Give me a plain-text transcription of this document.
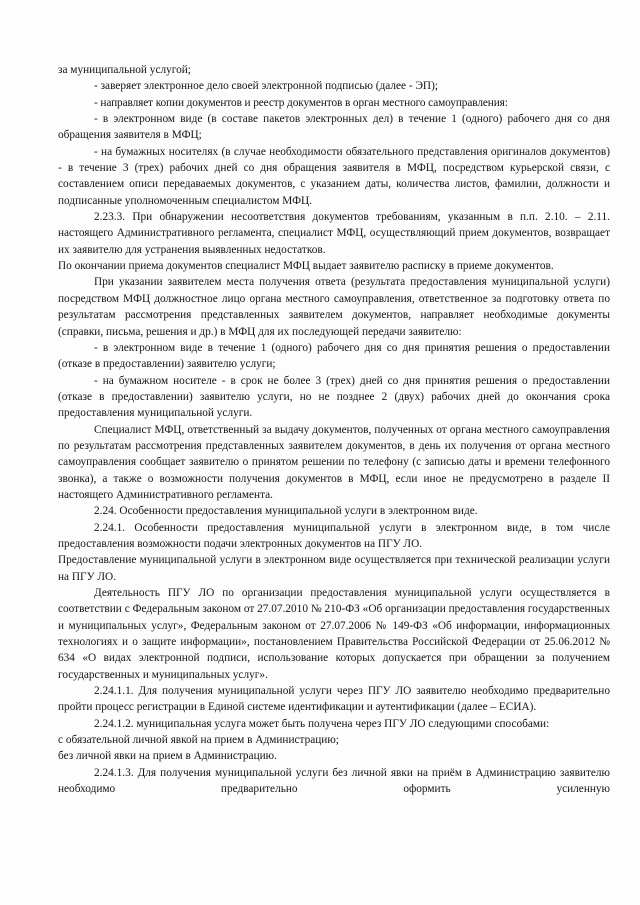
за муниципальной услугой;

- заверяет электронное дело своей электронной подписью (далее - ЭП);

- направляет копии документов и реестр документов в орган местного самоуправления:

- в электронном виде (в составе пакетов электронных дел) в течение 1 (одного) рабочего дня со дня обращения заявителя в МФЦ;

- на бумажных носителях (в случае необходимости обязательного представления оригиналов документов) - в течение 3 (трех) рабочих дней со дня обращения заявителя в МФЦ, посредством курьерской связи, с составлением описи передаваемых документов, с указанием даты, количества листов, фамилии, должности и подписанные уполномоченным специалистом МФЦ.

2.23.3. При обнаружении несоответствия документов требованиям, указанным в п.п. 2.10. – 2.11. настоящего Административного регламента, специалист МФЦ, осуществляющий прием документов, возвращает их заявителю для устранения выявленных недостатков.

По окончании приема документов специалист МФЦ выдает заявителю расписку в приеме документов.

При указании заявителем места получения ответа (результата предоставления муниципальной услуги) посредством МФЦ должностное лицо органа местного самоуправления, ответственное за подготовку ответа по результатам рассмотрения представленных заявителем документов, направляет необходимые документы (справки, письма, решения и др.) в МФЦ для их последующей передачи заявителю:

- в электронном виде в течение 1 (одного) рабочего дня со дня принятия решения о предоставлении (отказе в предоставлении) заявителю услуги;

- на бумажном носителе - в срок не более 3 (трех) дней со дня принятия решения о предоставлении (отказе в предоставлении) заявителю услуги, но не позднее 2 (двух) рабочих дней до окончания срока предоставления муниципальной услуги.

Специалист МФЦ, ответственный за выдачу документов, полученных от органа местного самоуправления по результатам рассмотрения представленных заявителем документов, в день их получения от органа местного самоуправления сообщает заявителю о принятом решении по телефону (с записью даты и времени телефонного звонка), а также о возможности получения документов в МФЦ, если иное не предусмотрено в разделе II настоящего Административного регламента.

2.24. Особенности предоставления муниципальной услуги в электронном виде.

2.24.1. Особенности предоставления муниципальной услуги в электронном виде, в том числе предоставления возможности подачи электронных документов на ПГУ ЛО.

Предоставление муниципальной услуги в электронном виде осуществляется при технической реализации услуги на ПГУ ЛО.

Деятельность ПГУ ЛО по организации предоставления муниципальной услуги осуществляется в соответствии с Федеральным законом от 27.07.2010 № 210-ФЗ «Об организации предоставления государственных и муниципальных услуг», Федеральным законом от 27.07.2006 № 149-ФЗ «Об информации, информационных технологиях и о защите информации», постановлением Правительства Российской Федерации от 25.06.2012 № 634 «О видах электронной подписи, использование которых допускается при обращении за получением государственных и муниципальных услуг».

2.24.1.1. Для получения муниципальной услуги через ПГУ ЛО заявителю необходимо предварительно пройти процесс регистрации в Единой системе идентификации и аутентификации (далее – ЕСИА).

2.24.1.2. муниципальная услуга может быть получена через ПГУ ЛО следующими способами:

с обязательной личной явкой на прием в Администрацию;

без личной явки на прием в Администрацию.

2.24.1.3. Для получения муниципальной услуги без личной явки на приём в Администрацию заявителю необходимо предварительно оформить усиленную
